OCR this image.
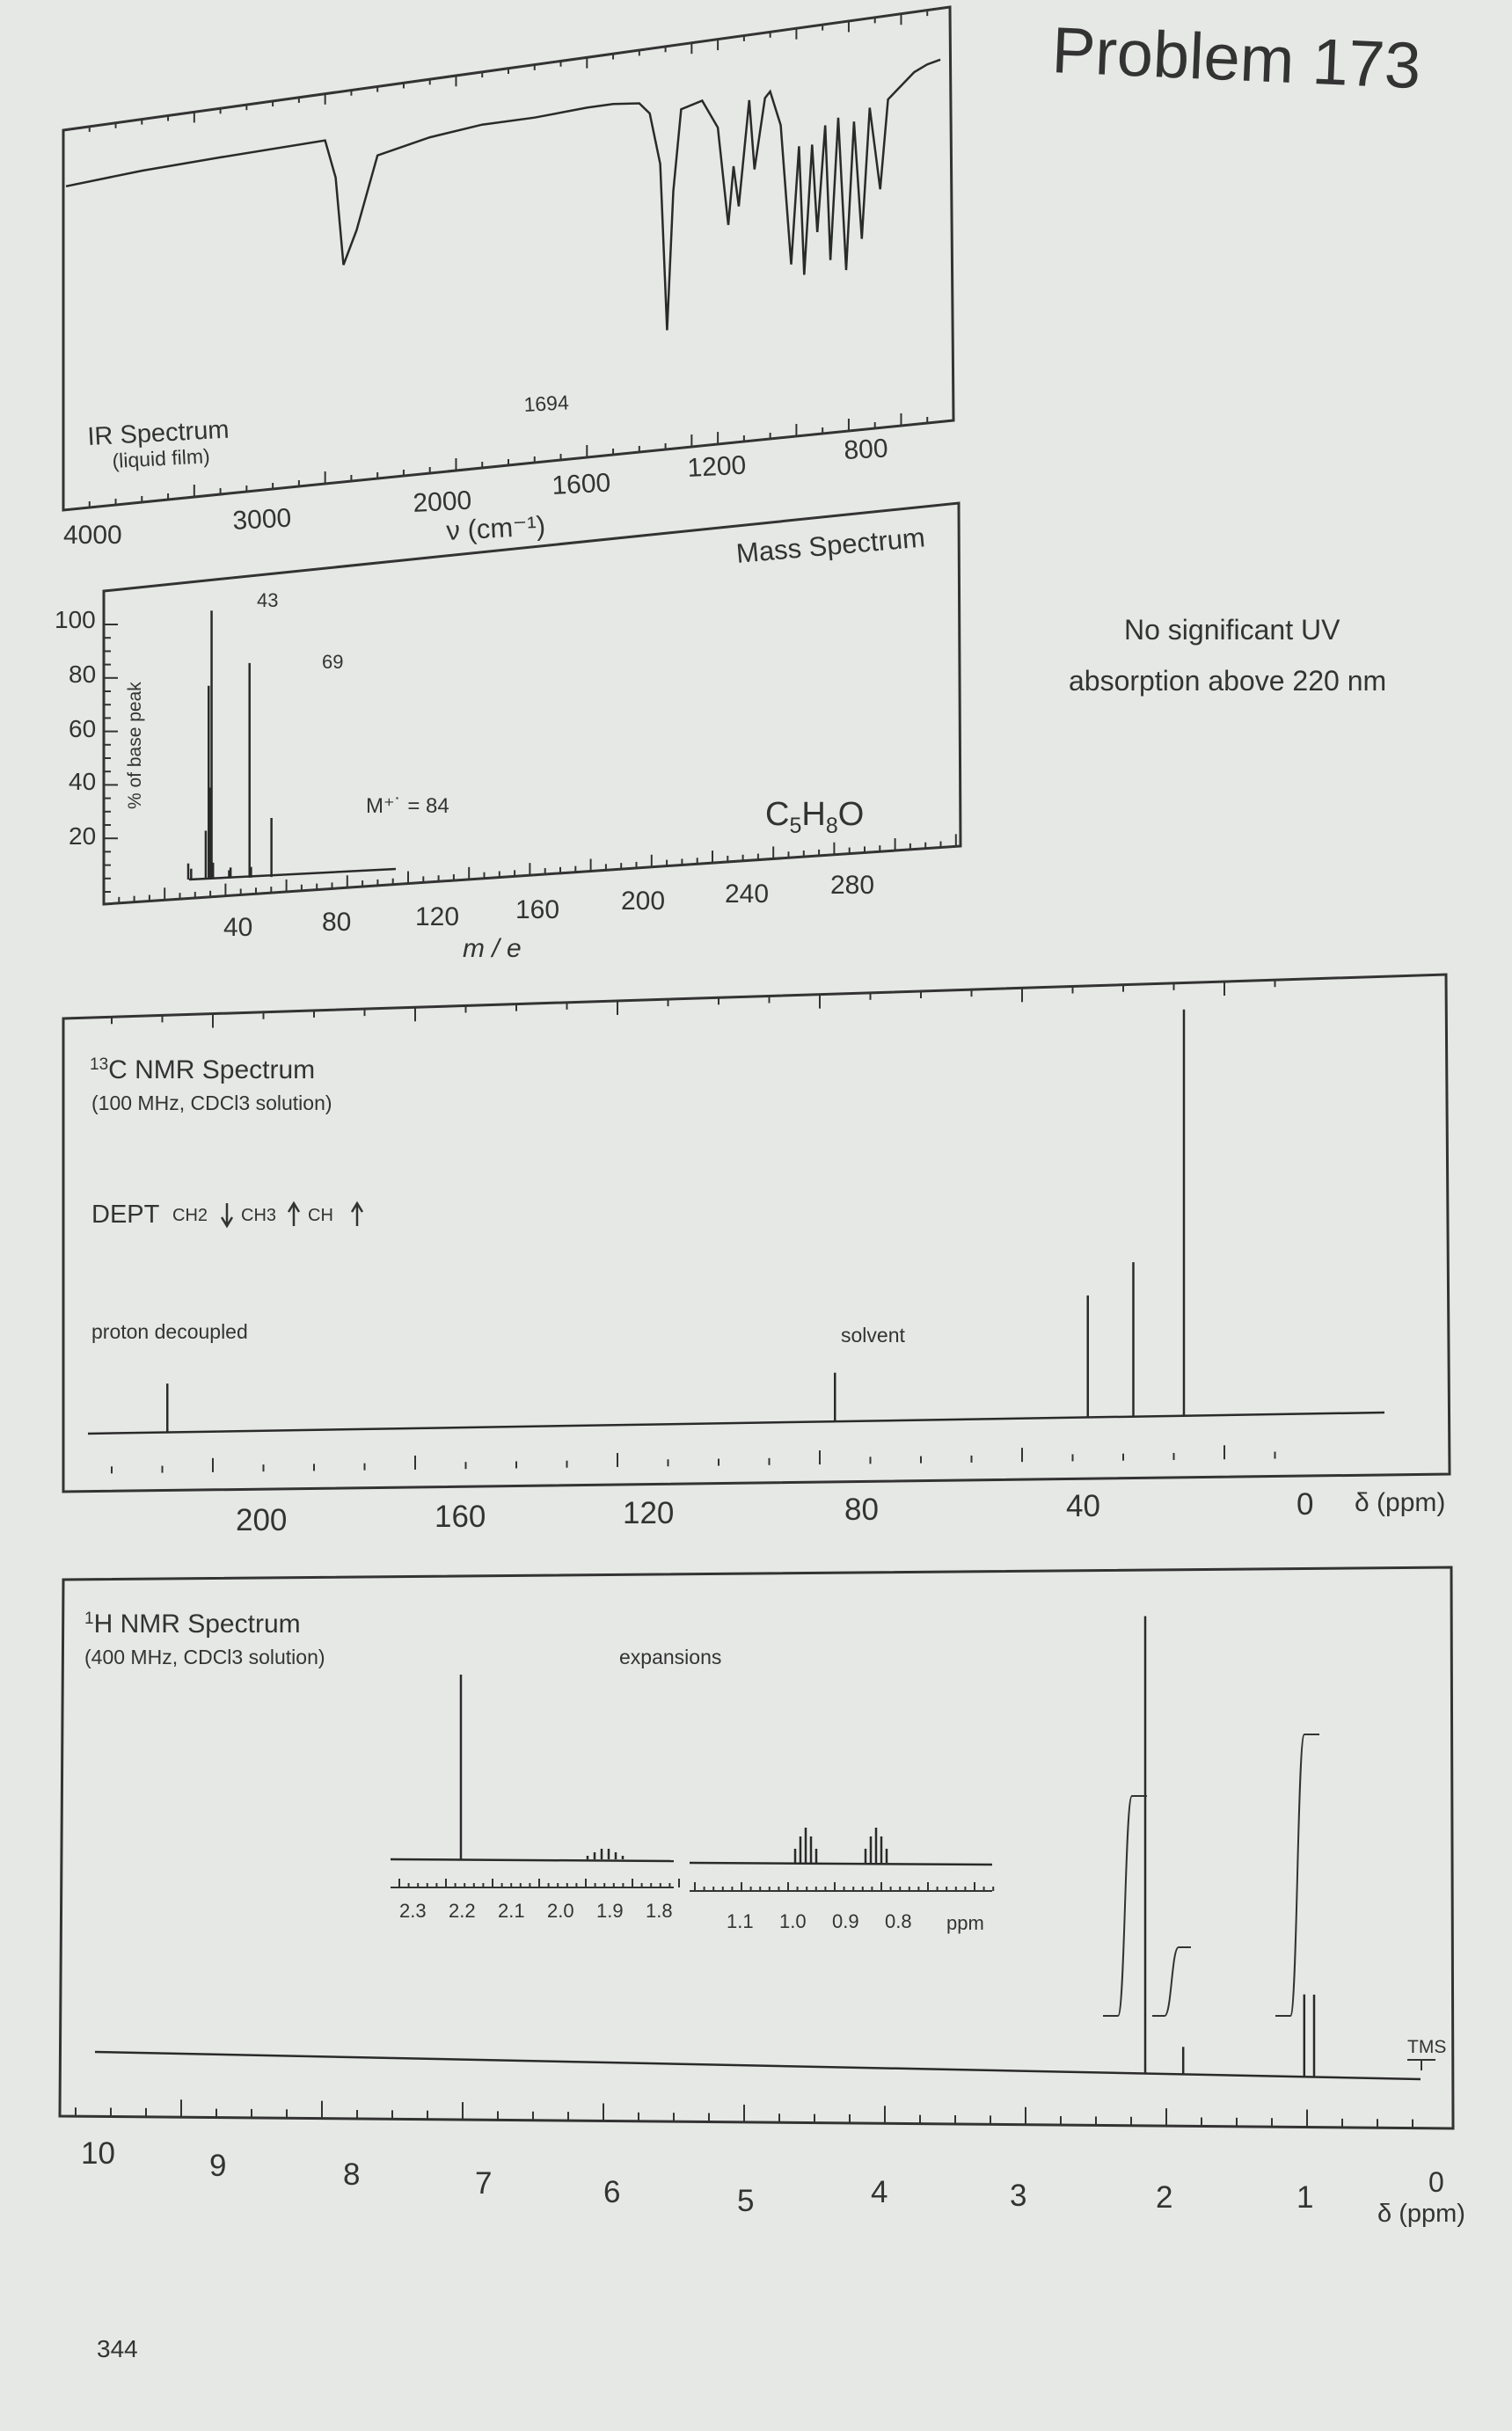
Problem 173
No significant UV
absorption above 220 nm
344
IR Spectrum
(liquid film)
1694
4000	3000
2000
1600
1200
800
ν (cm⁻¹)	Mass Spectrum
100
80
60
40
20
% of base peak
43
69
M⁺˙ = 84	$C_5H_8O$
40	80 120 160 200 240 280
m / e
$^{13}$C NMR Spectrum
(100 MHz, CDCl3 solution)
DEPT CH2 CH3 CH
proton decoupled	solvent
200	160	120	80	40	0 δ (ppm)
TMS
$^1$H NMR Spectrum
(400 MHz, CDCl3 solution)	expansions
2.3 2.2 2.1 2.0 1.9 1.8	1.1 1.0 0.9 0.8 ppm
10	9	8	7	6	5	4	3	2	1	0
δ (ppm)
